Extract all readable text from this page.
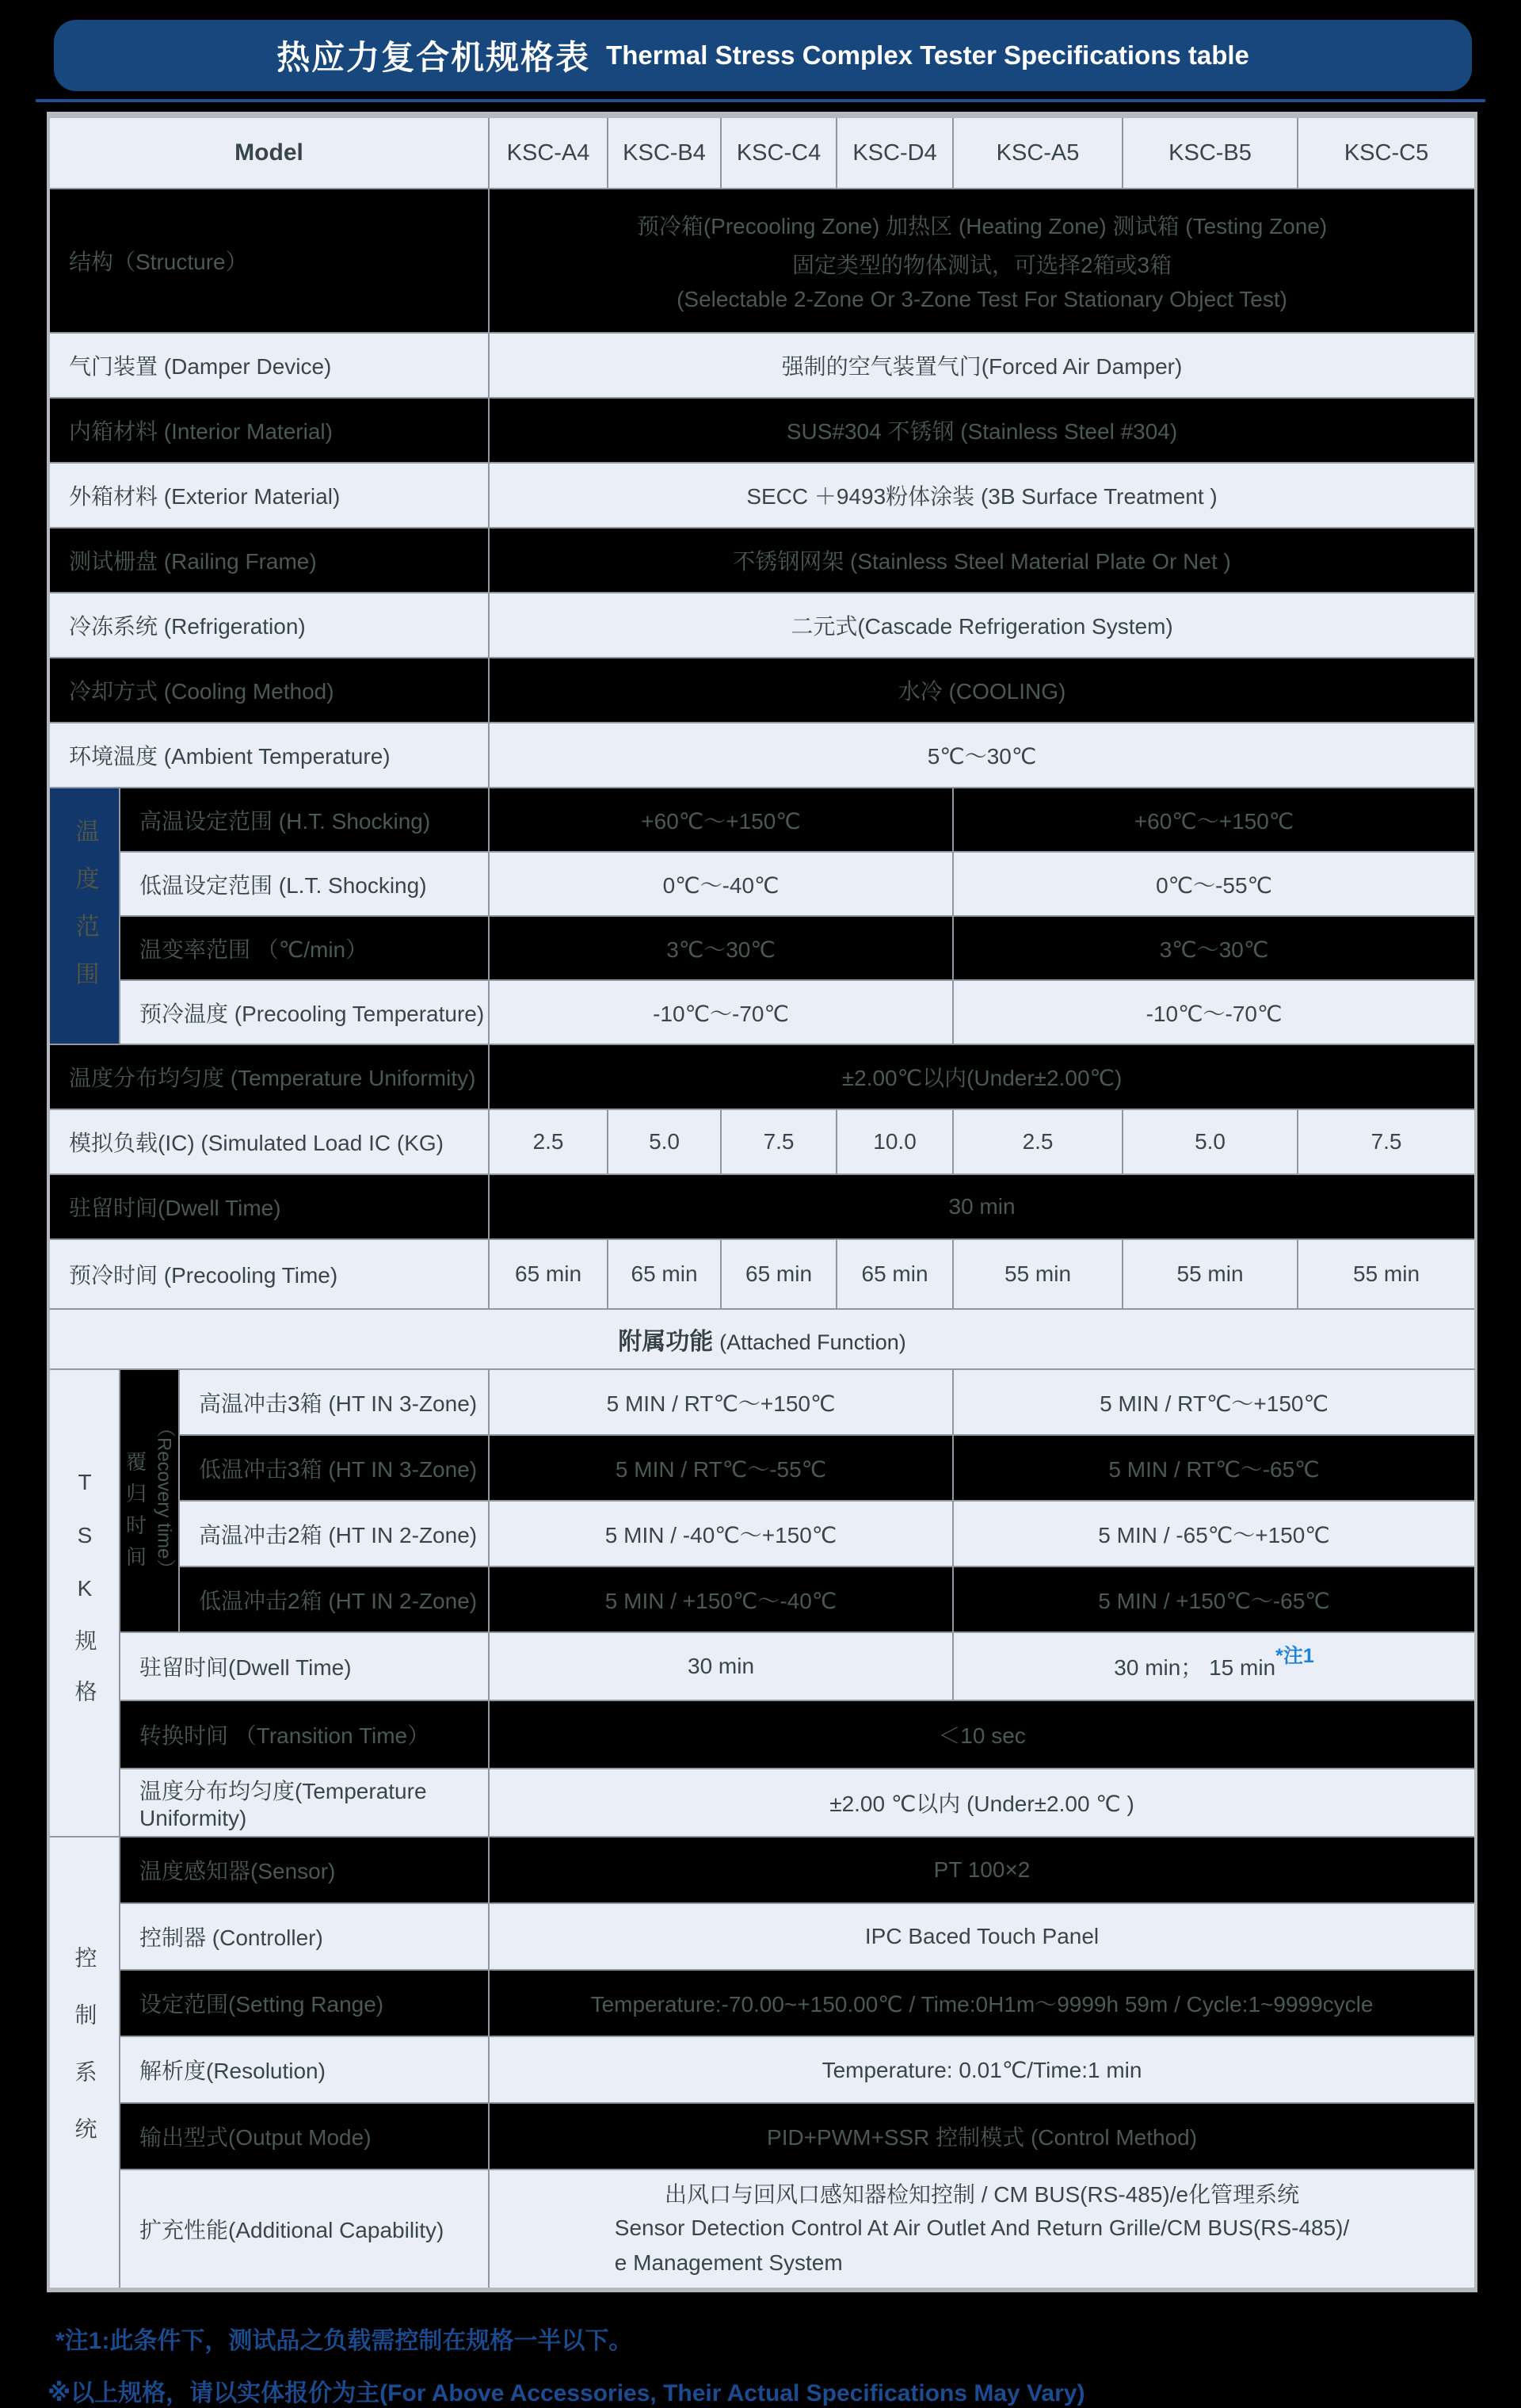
热应力复合机规格表 Thermal Stress Complex Tester Specifications table
Model			KSC-A4	KSC-B4	KSC-C4	KSC-D4	KSC-A5	KSC-B5	KSC-C5
结构（Structure）			预冷箱(Precooling Zone) 加热区 (Heating Zone) 测试箱 (Testing Zone)
固定类型的物体测试，可选择2箱或3箱
(Selectable 2-Zone Or 3-Zone Test For Stationary Object Test)						

气门装置 (Damper Device)			强制的空气装置气门(Forced Air Damper)						
内箱材料 (Interior Material)			SUS#304 不锈钢 (Stainless Steel #304)						
外箱材料 (Exterior Material)			SECC ＋9493粉体涂装 (3B Surface Treatment )						
测试栅盘 (Railing Frame)			不锈钢网架 (Stainless Steel Material Plate Or Net )						
冷冻系统 (Refrigeration)			二元式(Cascade Refrigeration System)						
冷却方式 (Cooling Method)			水冷 (COOLING)						
环境温度 (Ambient Temperature)			5℃～30℃						
温度范围	高温设定范围 (H.T. Shocking)		+60℃～+150℃				+60℃～+150℃		
	低温设定范围 (L.T. Shocking)		0℃～-40℃				0℃～-55℃		
	温变率范围 （℃/min）		3℃～30℃				3℃～30℃		
	预冷温度 (Precooling Temperature)		-10℃～-70℃				-10℃～-70℃		
温度分布均匀度 (Temperature Uniformity)			±2.00℃以内(Under±2.00℃)						
模拟负载(IC) (Simulated Load IC (KG)			2.5	5.0	7.5	10.0	2.5	5.0	7.5
驻留时间(Dwell Time)			30 min						
预冷时间 (Precooling Time)			65 min	65 min	65 min	65 min	55 min	55 min	55 min
附属功能 (Attached Function)									
TSK规格	覆归时间 （Recovery time）	高温冲击3箱 (HT IN 3-Zone)	5 MIN / RT℃～+150℃				5 MIN / RT℃～+150℃		
		低温冲击3箱 (HT IN 3-Zone)	5 MIN / RT℃～-55℃				5 MIN / RT℃～-65℃		
		高温冲击2箱 (HT IN 2-Zone)	5 MIN / -40℃～+150℃				5 MIN / -65℃～+150℃		
		低温冲击2箱 (HT IN 2-Zone)	5 MIN / +150℃～-40℃				5 MIN / +150℃～-65℃		
	驻留时间(Dwell Time)		30 min				30 min； 15 min*注1		
	转换时间 （Transition Time）		＜10 sec						
	温度分布均匀度(Temperature Uniformity)		±2.00 ℃以内 (Under±2.00 ℃ )						
控制系统	温度感知器(Sensor)		PT 100×2						
	控制器 (Controller)		IPC Baced Touch Panel						
	设定范围(Setting Range)		Temperature:-70.00~+150.00℃ / Time:0H1m～9999h 59m / Cycle:1~9999cycle						
	解析度(Resolution)		Temperature: 0.01℃/Time:1 min						
	输出型式(Output Mode)		PID+PWM+SSR 控制模式 (Control Method)						
	扩充性能(Additional Capability)		出风口与回风口感知器检知控制 / CM BUS(RS-485)/e化管理系统
Sensor Detection Control At Air Outlet And Return Grille/CM BUS(RS-485)/
e Management System						
*注1:此条件下，测试品之负载需控制在规格一半以下。
※以上规格，请以实体报价为主(For Above Accessories, Their Actual Specifications May Vary)
